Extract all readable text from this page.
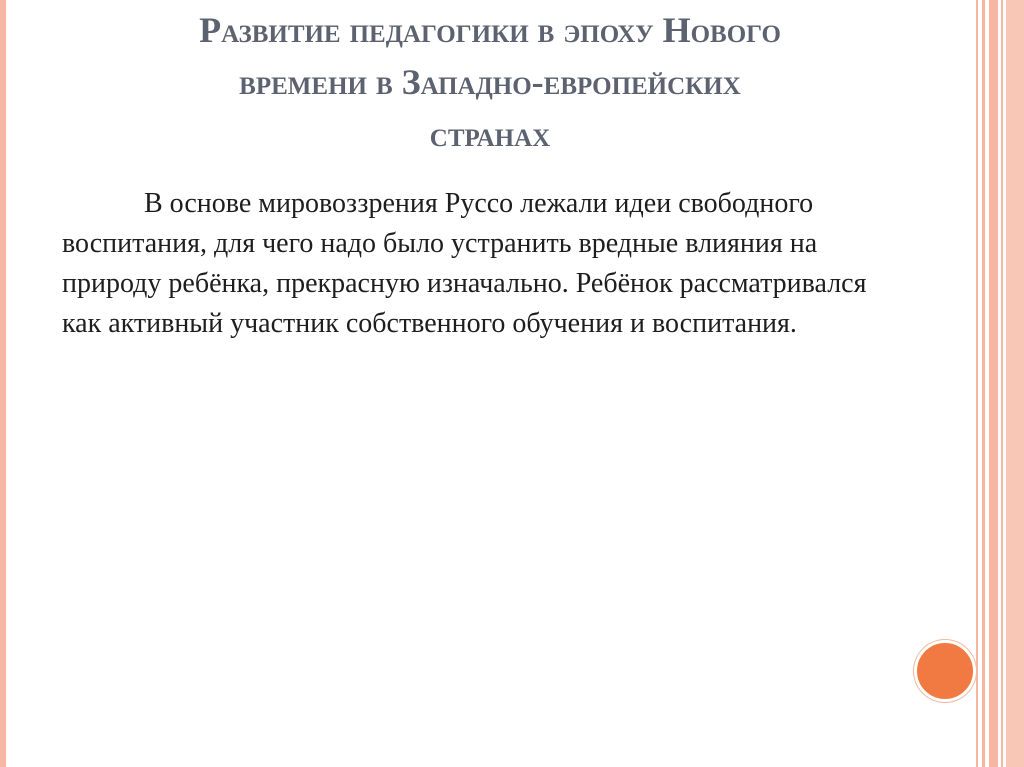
Развитие педагогики в эпоху Нового
времени в Западно-европейских
странах

В основе мировоззрения Руссо лежали идеи свободного воспитания, для чего надо было устранить вредные влияния на природу ребёнка, прекрасную изначально. Ребёнок рассматривался как активный участник собственного обучения и воспитания.
